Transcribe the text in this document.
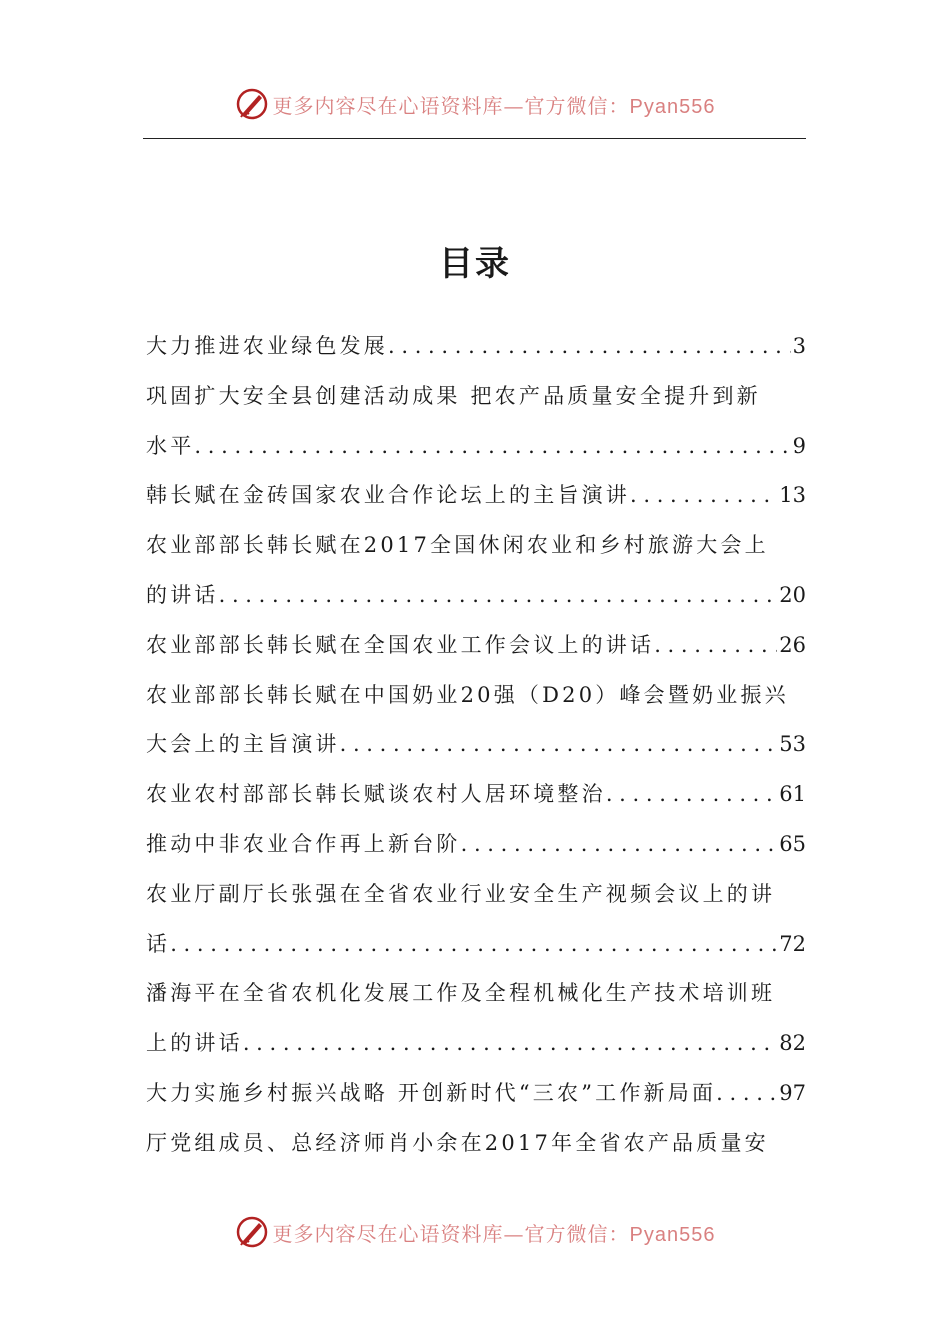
更多内容尽在心语资料库—官方微信：Pyan556
目录
大力推进农业绿色发展 . . .	3
巩固扩大安全县创建活动成果 把农产品质量安全提升到新
水平 . . .	9
韩长赋在金砖国家农业合作论坛上的主旨演讲 . . .	13
农业部部长韩长赋在2017全国休闲农业和乡村旅游大会上
的讲话 . . .	20
农业部部长韩长赋在全国农业工作会议上的讲话 . . .	26
农业部部长韩长赋在中国奶业20强（D20）峰会暨奶业振兴
大会上的主旨演讲 . . .	53
农业农村部部长韩长赋谈农村人居环境整治 . . .	61
推动中非农业合作再上新台阶 . . .	65
农业厅副厅长张强在全省农业行业安全生产视频会议上的讲
话 . . .	72
潘海平在全省农机化发展工作及全程机械化生产技术培训班
上的讲话 . . .	82
大力实施乡村振兴战略 开创新时代“三农”工作新局面 . . .	97
厅党组成员、总经济师肖小余在2017年全省农产品质量安
更多内容尽在心语资料库—官方微信：Pyan556
